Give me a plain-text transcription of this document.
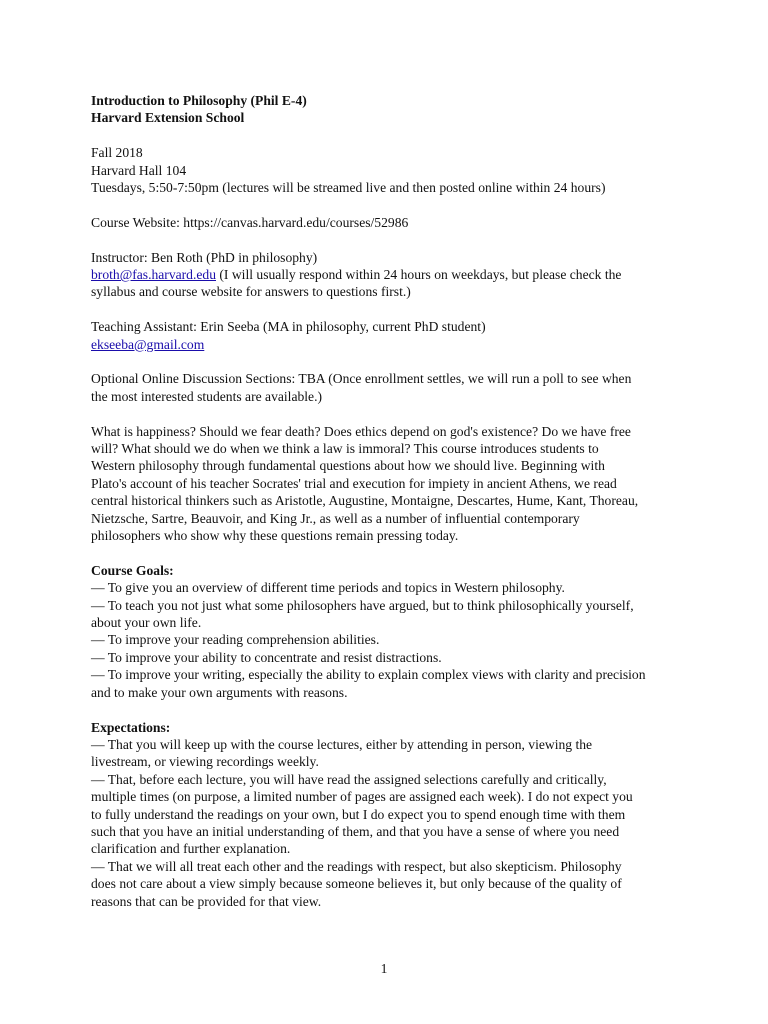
Introduction to Philosophy (Phil E-4)
Harvard Extension School
Fall 2018
Harvard Hall 104
Tuesdays, 5:50-7:50pm (lectures will be streamed live and then posted online within 24 hours)
Course Website: https://canvas.harvard.edu/courses/52986
Instructor: Ben Roth (PhD in philosophy)
broth@fas.harvard.edu (I will usually respond within 24 hours on weekdays, but please check the
syllabus and course website for answers to questions first.)
Teaching Assistant: Erin Seeba (MA in philosophy, current PhD student)
ekseeba@gmail.com
Optional Online Discussion Sections: TBA (Once enrollment settles, we will run a poll to see when
the most interested students are available.)
What is happiness? Should we fear death? Does ethics depend on god's existence? Do we have free
will? What should we do when we think a law is immoral? This course introduces students to
Western philosophy through fundamental questions about how we should live. Beginning with
Plato's account of his teacher Socrates' trial and execution for impiety in ancient Athens, we read
central historical thinkers such as Aristotle, Augustine, Montaigne, Descartes, Hume, Kant, Thoreau,
Nietzsche, Sartre, Beauvoir, and King Jr., as well as a number of influential contemporary
philosophers who show why these questions remain pressing today.
Course Goals:
— To give you an overview of different time periods and topics in Western philosophy.
— To teach you not just what some philosophers have argued, but to think philosophically yourself,
about your own life.
— To improve your reading comprehension abilities.
— To improve your ability to concentrate and resist distractions.
— To improve your writing, especially the ability to explain complex views with clarity and precision
and to make your own arguments with reasons.
Expectations:
— That you will keep up with the course lectures, either by attending in person, viewing the
livestream, or viewing recordings weekly.
— That, before each lecture, you will have read the assigned selections carefully and critically,
multiple times (on purpose, a limited number of pages are assigned each week). I do not expect you
to fully understand the readings on your own, but I do expect you to spend enough time with them
such that you have an initial understanding of them, and that you have a sense of where you need
clarification and further explanation.
— That we will all treat each other and the readings with respect, but also skepticism. Philosophy
does not care about a view simply because someone believes it, but only because of the quality of
reasons that can be provided for that view.
1
